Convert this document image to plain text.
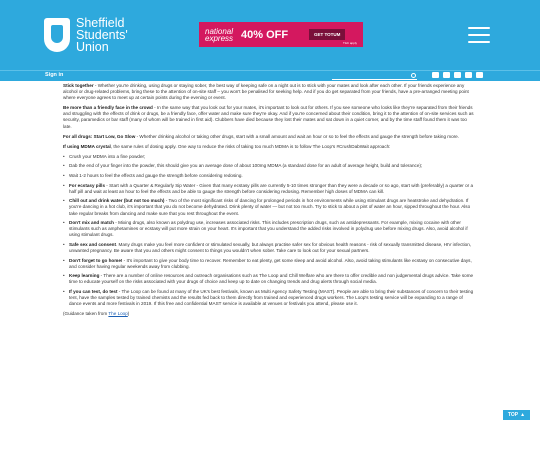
Sheffield
Students'
Union
national
express 40% OFF	GET TOTUM
T&C apply
Sign in
Search...

Stick together - Whether you're drinking, using drugs or staying sober, the best way of keeping safe on a night out is to stick with your mates and look after each other. If your friends experience any alcohol or drug-related problems, bring these to the attention of on-site staff – you won't be penalised for seeking help. And if you do get separated from your friends, have a pre-arranged meeting point where everyone agrees to meet up at certain points during the evening or event.

Be more than a friendly face in the crowd - In the same way that you look out for your mates, it's important to look out for others. If you see someone who looks like they're separated from their friends and struggling with the effects of drink or drugs, be a friendly face, offer water and make sure they're okay. And if you're concerned about their condition, bring it to the attention of on-site services such as security, paramedics or bar staff (many of whom will be trained in first aid). Clubbers have died because they lost their mates and sat down in a quiet corner, and by the time staff found them it was too late.

For all drugs: Start Low, Go Slow - Whether drinking alcohol or taking other drugs, start with a small amount and wait an hour or so to feel the effects and gauge the strength before taking more.

If using MDMA crystal, the same rules of dosing apply. One way to reduce the risks of taking too much MDMA is to follow The Loop's #CrushDabWait approach:

• Crush your MDMA into a fine powder;
• Dab the end of your finger into the powder, this should give you an average dose of about 100mg MDMA (a standard dose for an adult of average height, build and tolerance);
• Wait 1-2 hours to feel the effects and gauge the strength before considering redosing.
• For ecstasy pills - Start with a Quarter & Regularly Sip Water - Given that many ecstasy pills are currently 5-10 times stronger than they were a decade or so ago, start with (preferably) a quarter or a half pill and wait at least an hour to feel the effects and be able to gauge the strength before considering redosing. Remember high doses of MDMA can kill.
• Chill out and drink water (but not too much) - Two of the most significant risks of dancing for prolonged periods in hot environments while using stimulant drugs are heatstroke and dehydration. If you're dancing in a hot club, it's important that you do not become dehydrated. Drink plenty of water — but not too much. Try to stick to about a pint of water an hour, sipped throughout the hour. Also take regular breaks from dancing and make sure that you rest throughout the event.
• Don't mix and match - Mixing drugs, also known as polydrug use, increases associated risks. This includes prescription drugs, such as antidepressants. For example, mixing cocaine with other stimulants such as amphetamines or ecstasy will put more strain on your heart. It's important that you understand the added risks involved in polydrug use before mixing drugs. Also, avoid alcohol if using stimulant drugs.
• Safe sex and consent. Many drugs make you feel more confident or stimulated sexually, but always practise safer sex for obvious health reasons - risk of sexually transmitted disease, HIV infection, unwanted pregnancy. Be aware that you and others might consent to things you wouldn't when sober. Take care to look out for your sexual partners.
• Don't forget to go home! - It's important to give your body time to recover. Remember to eat plenty, get some sleep and avoid alcohol. Also, avoid taking stimulants like ecstasy on consecutive days, and consider having regular weekends away from clubbing.
• Keep learning - There are a number of online resources and outreach organisations such as The Loop and Chill Welfare who are there to offer credible and non judgemental drugs advice. Take some time to educate yourself on the risks associated with your drugs of choice and keep up to date on changing trends and drug alerts through social media.
• If you can test, do test - The Loop can be found at many of the UK's best festivals, known as Multi Agency Safety Testing (MAST). People are able to bring their substances of concern to their testing tent, have the samples tested by trained chemists and the results fed back to them directly from trained and experienced drugs workers. The Loop's testing service will be expanding to a range of dance events and more festivals in 2019. If this free and confidential MAST service is available at venues or festivals you attend, please use it.

(Guidance taken from The Loop)

TOP ▲
